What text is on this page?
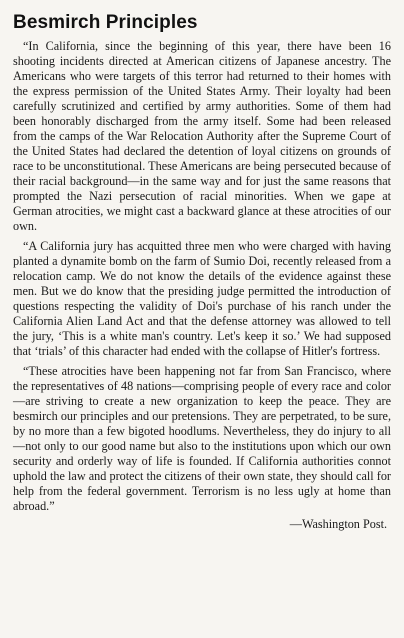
Besmirch Principles

“In California, since the beginning of this year, there have been 16 shooting incidents directed at American citizens of Japanese ancestry. The Americans who were targets of this terror had returned to their homes with the express permission of the United States Army. Their loyalty had been carefully scrutinized and certified by army authorities. Some of them had been honorably discharged from the army itself. Some had been released from the camps of the War Relocation Authority after the Supreme Court of the United States had declared the detention of loyal citizens on grounds of race to be unconstitutional. These Americans are being persecuted because of their racial background—in the same way and for just the same reasons that prompted the Nazi persecution of racial minorities. When we gape at German atrocities, we might cast a backward glance at these atrocities of our own.

“A California jury has acquitted three men who were charged with having planted a dynamite bomb on the farm of Sumio Doi, recently released from a relocation camp. We do not know the details of the evidence against these men. But we do know that the presiding judge permitted the introduction of questions respecting the validity of Doi's purchase of his ranch under the California Alien Land Act and that the defense attorney was allowed to tell the jury, ‘This is a white man's country. Let's keep it so.’ We had supposed that ‘trials’ of this character had ended with the collapse of Hitler's fortress.

“These atrocities have been happening not far from San Francisco, where the representatives of 48 nations—comprising people of every race and color—are striving to create a new organization to keep the peace. They are besmirch our principles and our pretensions. They are perpetrated, to be sure, by no more than a few bigoted hoodlums. Nevertheless, they do injury to all—not only to our good name but also to the institutions upon which our own security and orderly way of life is founded. If California authorities connot uphold the law and protect the citizens of their own state, they should call for help from the federal government. Terrorism is no less ugly at home than abroad.”

—Washington Post.
